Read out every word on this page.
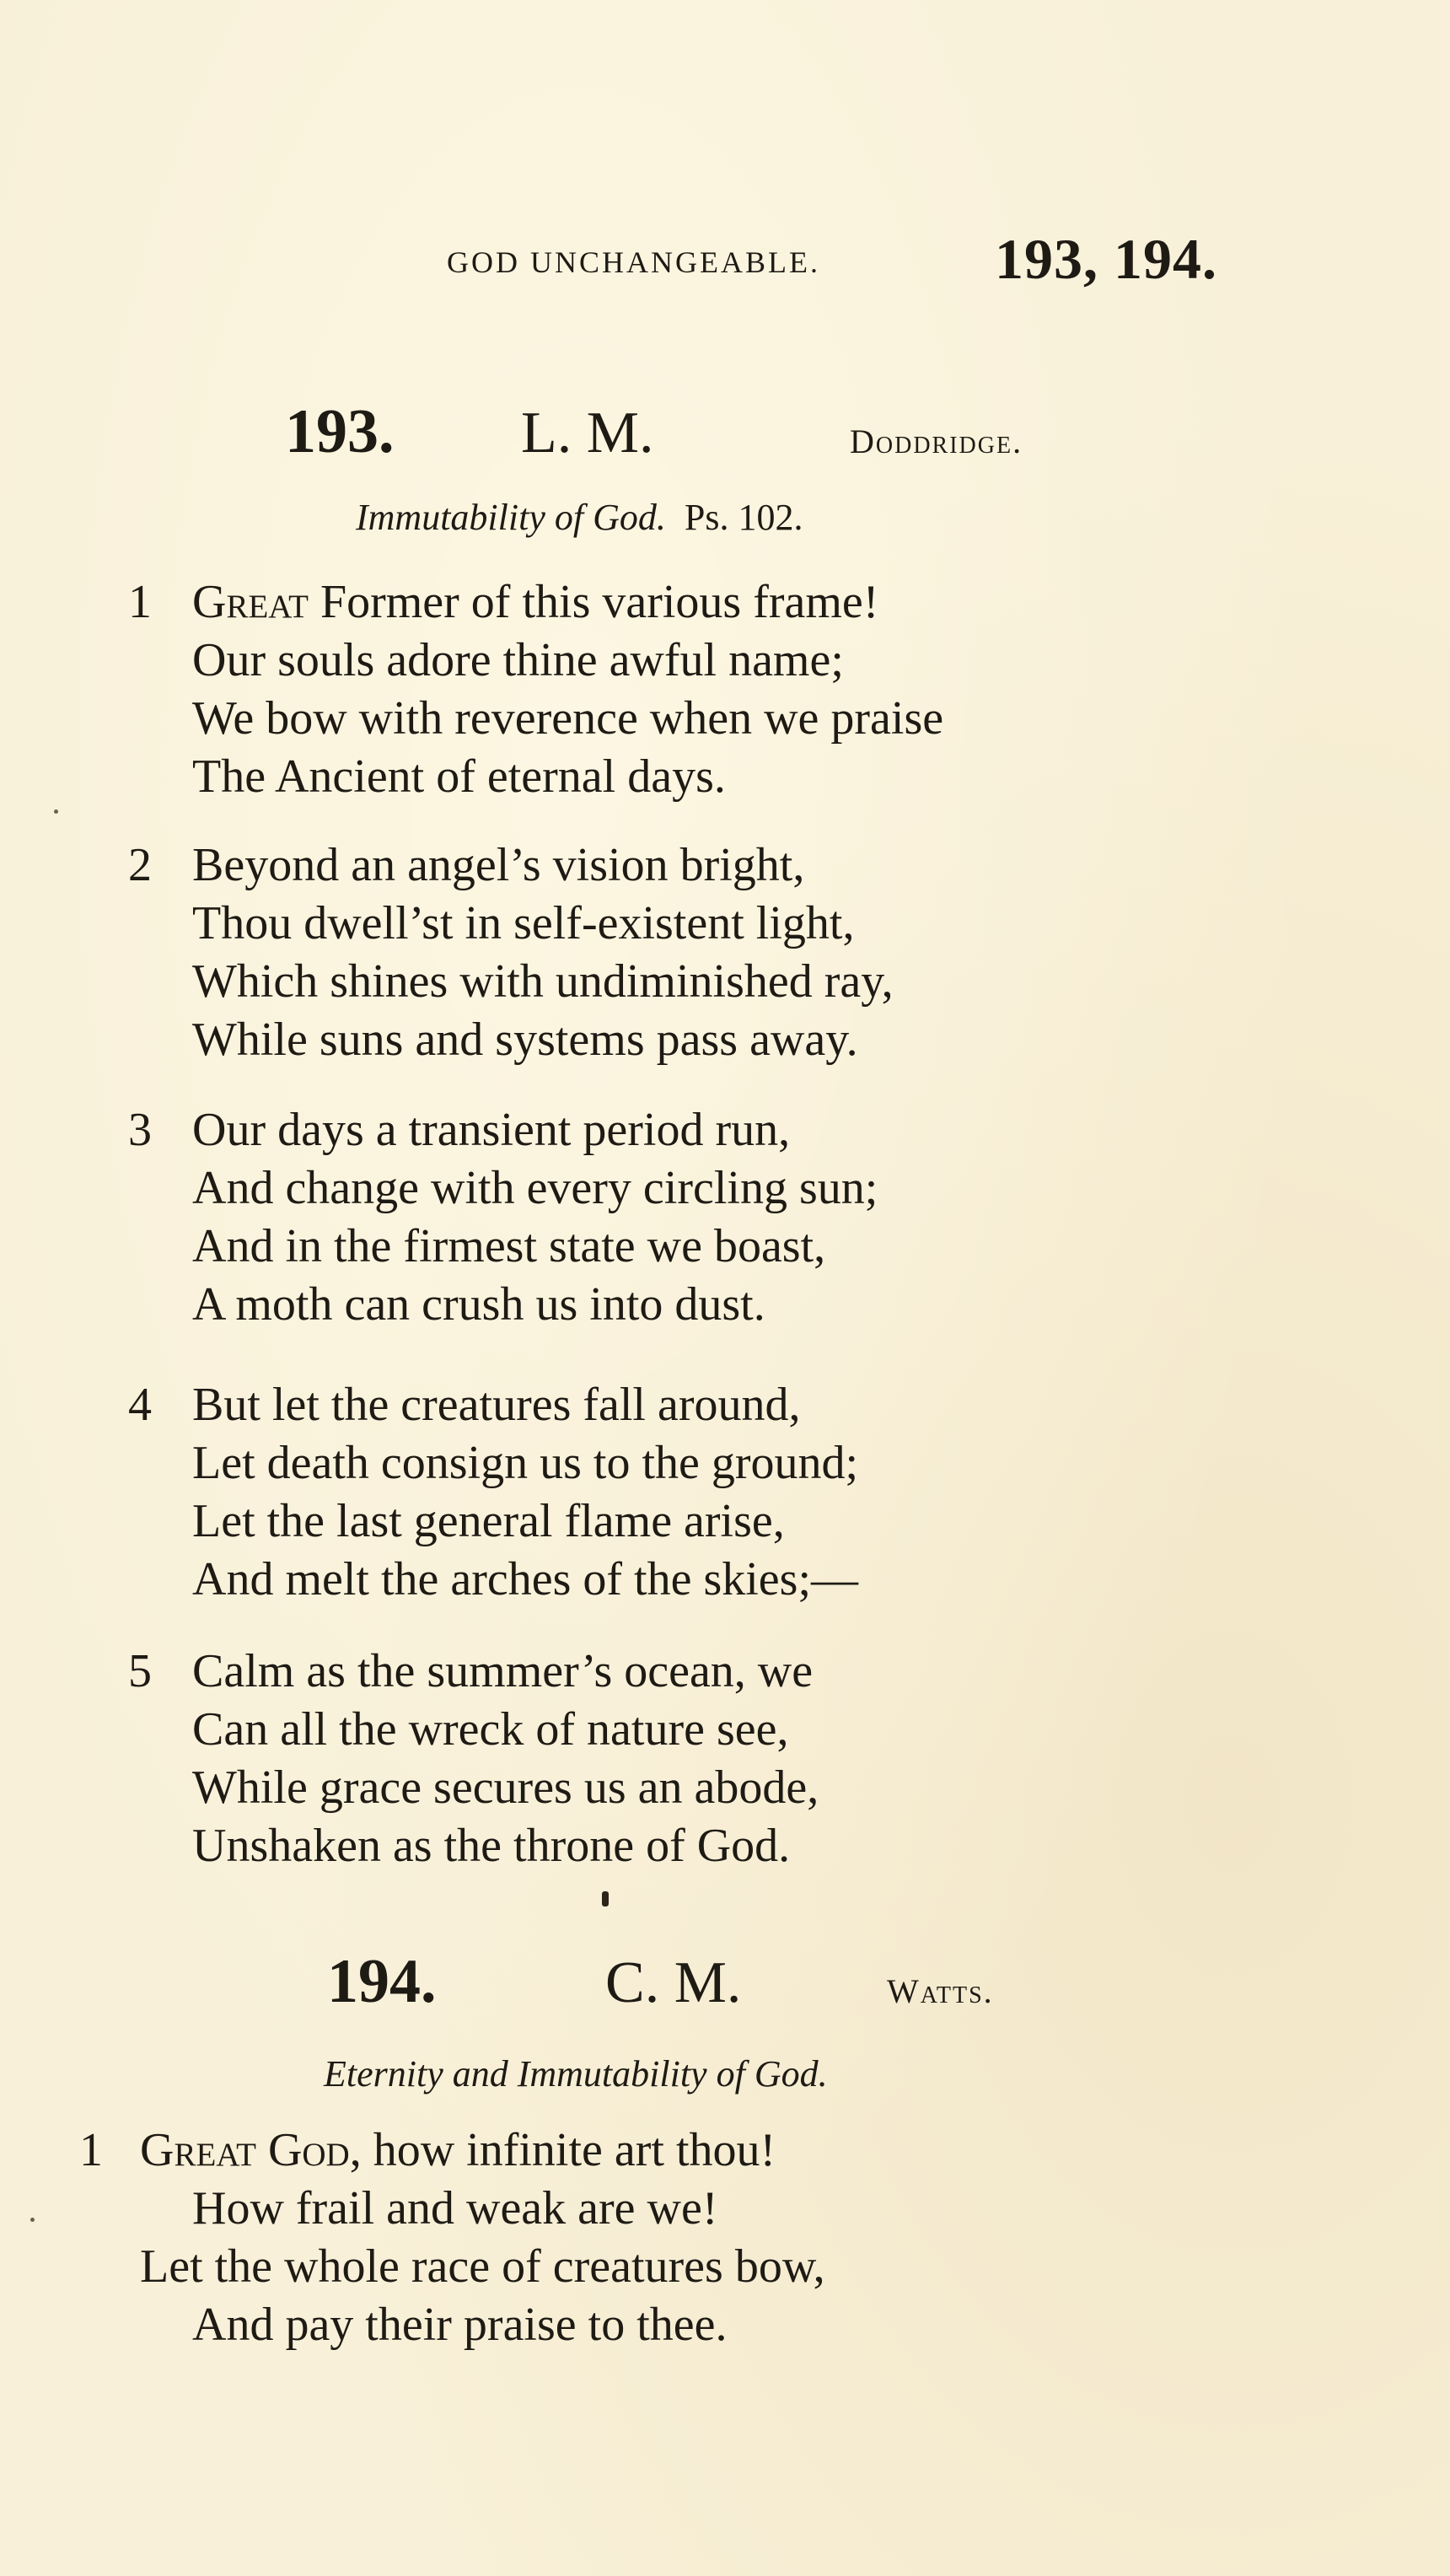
GOD UNCHANGEABLE.	193, 194.
193. L. M.	Doddridge.
Immutability of God. Ps. 102.
1 Great Former of this various frame!
Our souls adore thine awful name;
We bow with reverence when we praise
The Ancient of eternal days.
2 Beyond an angel’s vision bright,
Thou dwell’st in self-existent light,
Which shines with undiminished ray,
While suns and systems pass away.
3 Our days a transient period run,
And change with every circling sun;
And in the firmest state we boast,
A moth can crush us into dust.
4 But let the creatures fall around,
Let death consign us to the ground;
Let the last general flame arise,
And melt the arches of the skies;—
5 Calm as the summer’s ocean, we
Can all the wreck of nature see,
While grace secures us an abode,
Unshaken as the throne of God.
194.	C. M.	Watts.
Eternity and Immutability of God.
1 Great God, how infinite art thou!
How frail and weak are we!
Let the whole race of creatures bow,
And pay their praise to thee.
